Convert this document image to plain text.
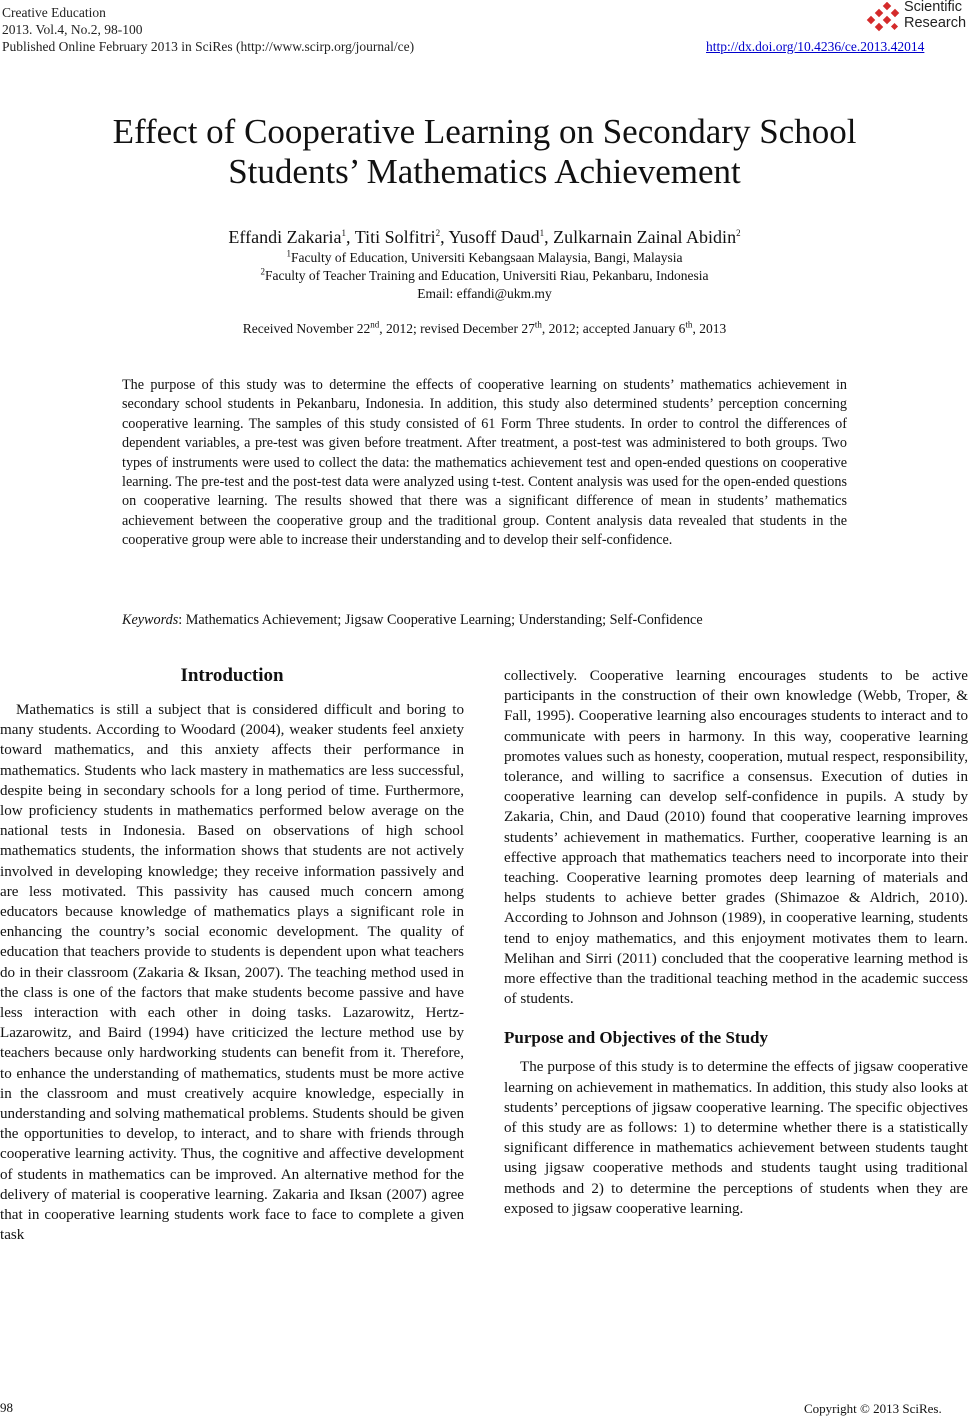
Creative Education
2013. Vol.4, No.2, 98-100
Published Online February 2013 in SciRes (http://www.scirp.org/journal/ce)	http://dx.doi.org/10.4236/ce.2013.42014
Scientific
Research
Effect of Cooperative Learning on Secondary School Students’ Mathematics Achievement
Effandi Zakaria$^1$, Titi Solfitri$^2$, Yusoff Daud$^1$, Zulkarnain Zainal Abidin$^2$
$^1$Faculty of Education, Universiti Kebangsaan Malaysia, Bangi, Malaysia
$^2$Faculty of Teacher Training and Education, Universiti Riau, Pekanbaru, Indonesia
Email: effandi@ukm.my
Received November 22nd, 2012; revised December 27th, 2012; accepted January 6th, 2013
The purpose of this study was to determine the effects of cooperative learning on students’ mathematics achievement in secondary school students in Pekanbaru, Indonesia. In addition, this study also determined students’ perception concerning cooperative learning. The samples of this study consisted of 61 Form Three students. In order to control the differences of dependent variables, a pre-test was given before treatment. After treatment, a post-test was administered to both groups. Two types of instruments were used to collect the data: the mathematics achievement test and open-ended questions on cooperative learning. The pre-test and the post-test data were analyzed using t-test. Content analysis was used for the open-ended questions on cooperative learning. The results showed that there was a significant difference of mean in students’ mathematics achievement between the cooperative group and the traditional group. Content analysis data revealed that students in the cooperative group were able to increase their understanding and to develop their self-confidence.
Keywords: Mathematics Achievement; Jigsaw Cooperative Learning; Understanding; Self-Confidence
Introduction

Mathematics is still a subject that is considered difficult and boring to many students. According to Woodard (2004), weaker students feel anxiety toward mathematics, and this anxiety affects their performance in mathematics. Students who lack mastery in mathematics are less successful, despite being in secondary schools for a long period of time. Furthermore, low proficiency students in mathematics performed below average on the national tests in Indonesia. Based on observations of high school mathematics students, the information shows that students are not actively involved in developing knowledge; they receive information passively and are less motivated. This passivity has caused much concern among educators because knowledge of mathematics plays a significant role in enhancing the country’s social economic development. The quality of education that teachers provide to students is dependent upon what teachers do in their classroom (Zakaria & Iksan, 2007). The teaching method used in the class is one of the factors that make students become passive and have less interaction with each other in doing tasks. Lazarowitz, Hertz-Lazarowitz, and Baird (1994) have criticized the lecture method use by teachers because only hardworking students can benefit from it. Therefore, to enhance the understanding of mathematics, students must be more active in the classroom and must creatively acquire knowledge, especially in understanding and solving mathematical problems. Students should be given the opportunities to develop, to interact, and to share with friends through cooperative learning activity. Thus, the cognitive and affective development of students in mathematics can be improved. An alternative method for the delivery of material is cooperative learning. Zakaria and Iksan (2007) agree that in cooperative learning students work face to face to complete a given task

collectively. Cooperative learning encourages students to be active participants in the construction of their own knowledge (Webb, Troper, & Fall, 1995). Cooperative learning also encourages students to interact and to communicate with peers in harmony. In this way, cooperative learning promotes values such as honesty, cooperation, mutual respect, responsibility, tolerance, and willing to sacrifice a consensus. Execution of duties in cooperative learning can develop self-confidence in pupils. A study by Zakaria, Chin, and Daud (2010) found that cooperative learning improves students’ achievement in mathematics. Further, cooperative learning is an effective approach that mathematics teachers need to incorporate into their teaching. Cooperative learning promotes deep learning of materials and helps students to achieve better grades (Shimazoe & Aldrich, 2010). According to Johnson and Johnson (1989), in cooperative learning, students tend to enjoy mathematics, and this enjoyment motivates them to learn. Melihan and Sirri (2011) concluded that the cooperative learning method is more effective than the traditional teaching method in the academic success of students.

Purpose and Objectives of the Study

The purpose of this study is to determine the effects of jigsaw cooperative learning on achievement in mathematics. In addition, this study also looks at students’ perceptions of jigsaw cooperative learning. The specific objectives of this study are as follows: 1) to determine whether there is a statistically significant difference in mathematics achievement between students taught using jigsaw cooperative methods and students taught using traditional methods and 2) to determine the perceptions of students when they are exposed to jigsaw cooperative learning.

98	Copyright © 2013 SciRes.
